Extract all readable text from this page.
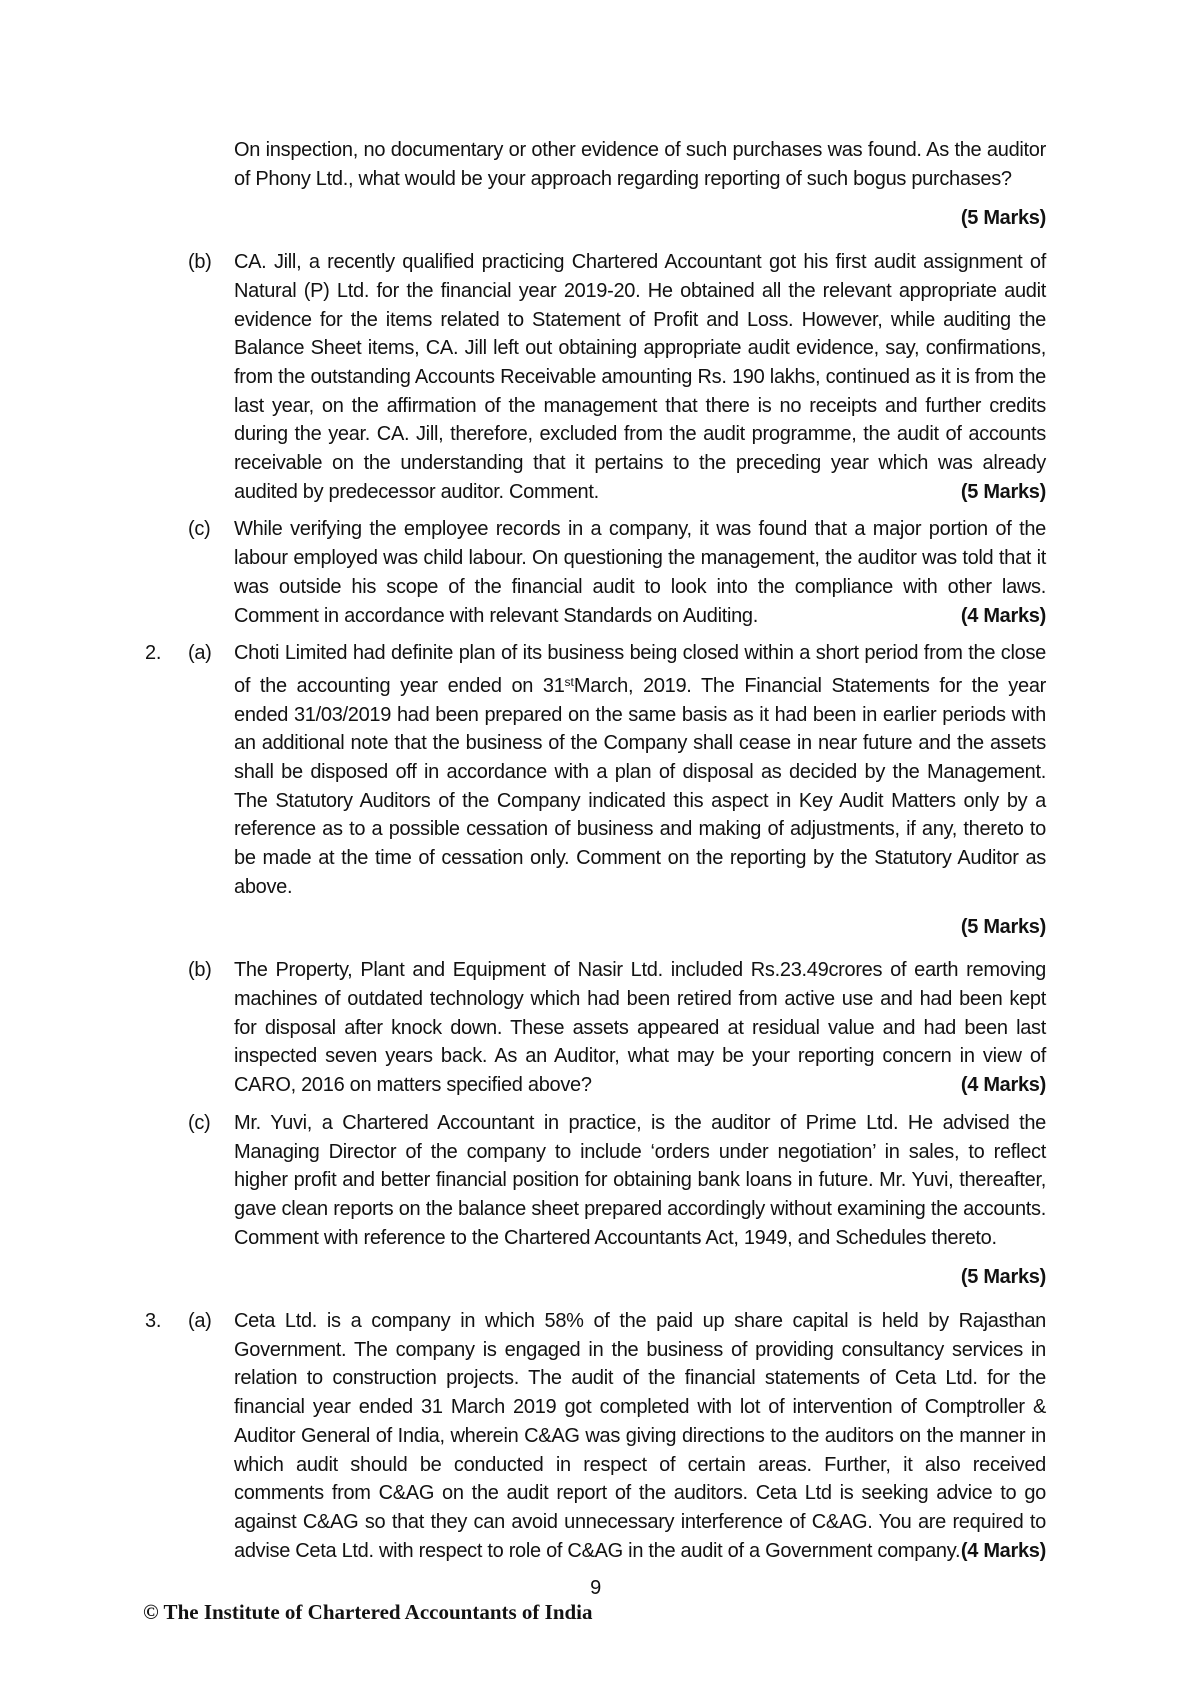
On inspection, no documentary or other evidence of such purchases was found. As the auditor of Phony Ltd., what would be your approach regarding reporting of such bogus purchases?
(5 Marks)
(b)	CA. Jill, a recently qualified practicing Chartered Accountant got his first audit assignment of Natural (P) Ltd. for the financial year 2019-20. He obtained all the relevant appropriate audit evidence for the items related to Statement of Profit and Loss. However, while auditing the Balance Sheet items, CA. Jill left out obtaining appropriate audit evidence, say, confirmations, from the outstanding Accounts Receivable amounting Rs. 190 lakhs, continued as it is from the last year, on the affirmation of the management that there is no receipts and further credits during the year. CA. Jill, therefore, excluded from the audit programme, the audit of accounts receivable on the understanding that it pertains to the preceding year which was already audited by predecessor auditor. Comment.	(5 Marks)
(c)	While verifying the employee records in a company, it was found that a major portion of the labour employed was child labour. On questioning the management, the auditor was told that it was outside his scope of the financial audit to look into the compliance with other laws. Comment in accordance with relevant Standards on Auditing.	(4 Marks)
2.	(a)	Choti Limited had definite plan of its business being closed within a short period from the close of the accounting year ended on 31stMarch, 2019. The Financial Statements for the year ended 31/03/2019 had been prepared on the same basis as it had been in earlier periods with an additional note that the business of the Company shall cease in near future and the assets shall be disposed off in accordance with a plan of disposal as decided by the Management. The Statutory Auditors of the Company indicated this aspect in Key Audit Matters only by a reference as to a possible cessation of business and making of adjustments, if any, thereto to be made at the time of cessation only. Comment on the reporting by the Statutory Auditor as above.
(5 Marks)
(b)	The Property, Plant and Equipment of Nasir Ltd. included Rs.23.49crores of earth removing machines of outdated technology which had been retired from active use and had been kept for disposal after knock down. These assets appeared at residual value and had been last inspected seven years back. As an Auditor, what may be your reporting concern in view of CARO, 2016 on matters specified above?	(4 Marks)
(c)	Mr. Yuvi, a Chartered Accountant in practice, is the auditor of Prime Ltd. He advised the Managing Director of the company to include ‘orders under negotiation’ in sales, to reflect higher profit and better financial position for obtaining bank loans in future. Mr. Yuvi, thereafter, gave clean reports on the balance sheet prepared accordingly without examining the accounts. Comment with reference to the Chartered Accountants Act, 1949, and Schedules thereto.
(5 Marks)
3.	(a)	Ceta Ltd. is a company in which 58% of the paid up share capital is held by Rajasthan Government. The company is engaged in the business of providing consultancy services in relation to construction projects. The audit of the financial statements of Ceta Ltd. for the financial year ended 31 March 2019 got completed with lot of intervention of Comptroller & Auditor General of India, wherein C&AG was giving directions to the auditors on the manner in which audit should be conducted in respect of certain areas. Further, it also received comments from C&AG on the audit report of the auditors. Ceta Ltd is seeking advice to go against C&AG so that they can avoid unnecessary interference of C&AG. You are required to advise Ceta Ltd. with respect to role of C&AG in the audit of a Government company. (4 Marks)
9
© The Institute of Chartered Accountants of India
